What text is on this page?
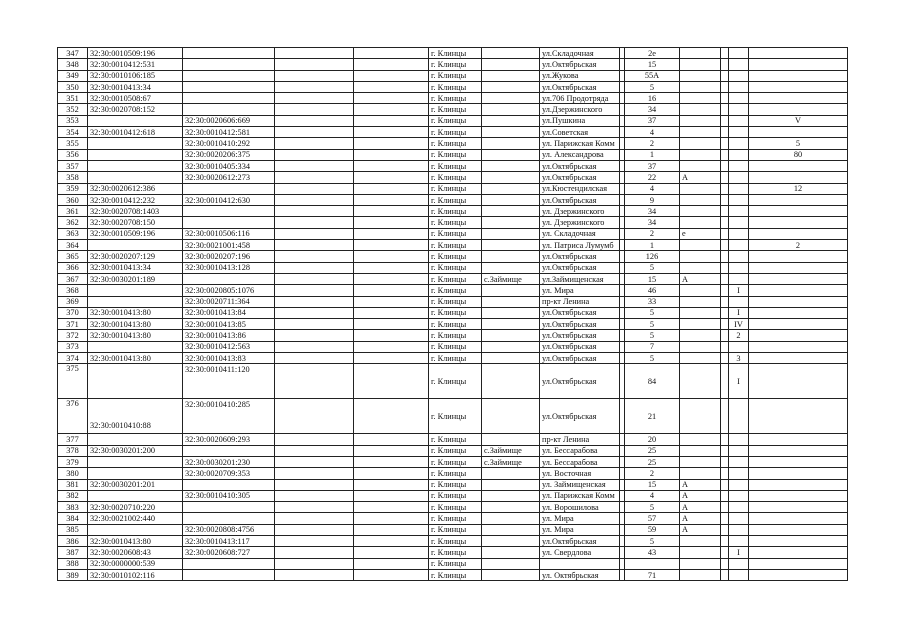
347	32:30:0010509:196				г. Клинцы		ул.Складочная		2е				
348	32:30:0010412:531				г. Клинцы		ул.Октябрьская		15				
349	32:30:0010106:185				г. Клинцы		ул.Жукова		55А				
350	32:30:0010413:34				г. Клинцы		ул.Октябрьская		5				
351	32:30:0010508:67				г. Клинцы		ул.706 Продотряда		16				
352	32:30:0020708:152				г. Клинцы		ул.Дзержинского		34				
353		32:30:0020606:669			г. Клинцы		ул.Пушкина		37				V
354	32:30:0010412:618	32:30:0010412:581			г. Клинцы		ул.Советская		4				
355		32:30:0010410:292			г. Клинцы		ул. Парижская Комм		2				5
356		32:30:0020206:375			г. Клинцы		ул. Александрова		1				80
357		32:30:0010405:334			г. Клинцы		ул.Октябрьская		37				
358		32:30:0020612:273			г. Клинцы		ул.Октябрьская		22	А			
359	32:30:0020612:386				г. Клинцы		ул.Кюстендилская		4				12
360	32:30:0010412:232	32:30:0010412:630			г. Клинцы		ул.Октябрьская		9				
361	32:30:0020708:1403				г. Клинцы		ул. Дзержинского		34				
362	32:30:0020708:150				г. Клинцы		ул. Дзержинского		34				
363	32:30:0010509:196	32:30:0010506:116			г. Клинцы		ул. Складочная		2	е			
364		32:30:0021001:458			г. Клинцы		ул. Патриса Лумумб		1				2
365	32:30:0020207:129	32:30:0020207:196			г. Клинцы		ул.Октябрьская		126				
366	32:30:0010413:34	32:30:0010413:128			г. Клинцы		ул.Октябрьская		5				
367	32:30:0030201:189				г. Клинцы	с.Займище	ул.Займищенская		15	А			
368		32:30:0020805:1076			г. Клинцы		ул. Мира		46			I	
369		32:30:0020711:364			г. Клинцы		пр-кт Ленина		33				
370	32:30:0010413:80	32:30:0010413:84			г. Клинцы		ул.Октябрьская		5			I	
371	32:30:0010413:80	32:30:0010413:85			г. Клинцы		ул.Октябрьская		5			IV	
372	32:30:0010413:80	32:30:0010413:86			г. Клинцы		ул.Октябрьская		5			2	
373		32:30:0010412:563			г. Клинцы		ул.Октябрьская		7				
374	32:30:0010413:80	32:30:0010413:83			г. Клинцы		ул.Октябрьская		5			3	
375		32:30:0010411:120			г. Клинцы		ул.Октябрьская		84			I	
376	32:30:0010410:88	32:30:0010410:285			г. Клинцы		ул.Октябрьская		21				
377		32:30:0020609:293			г. Клинцы		пр-кт Ленина		20				
378	32:30:0030201:200				г. Клинцы	с.Займище	ул. Бессарабова		25				
379		32:30:0030201:230			г. Клинцы	с.Займище	ул. Бессарабова		25				
380		32:30:0020709:353			г. Клинцы		ул. Восточная		2				
381	32:30:0030201:201				г. Клинцы		ул. Займищенская		15	А			
382		32:30:0010410:305			г. Клинцы		ул. Парижская Комм		4	А			
383	32:30:0020710:220				г. Клинцы		ул. Ворошилова		5	А			
384	32:30:0021002:440				г. Клинцы		ул. Мира		57	А			
385		32:30:0020808:4756			г. Клинцы		ул. Мира		59	А			
386	32:30:0010413:80	32:30:0010413:117			г. Клинцы		ул.Октябрьская		5				
387	32:30:0020608:43	32:30:0020608:727			г. Клинцы		ул. Свердлова		43			I	
388	32:30:0000000:539				г. Клинцы								
389	32:30:0010102:116				г. Клинцы		ул. Октябрьская		71				
